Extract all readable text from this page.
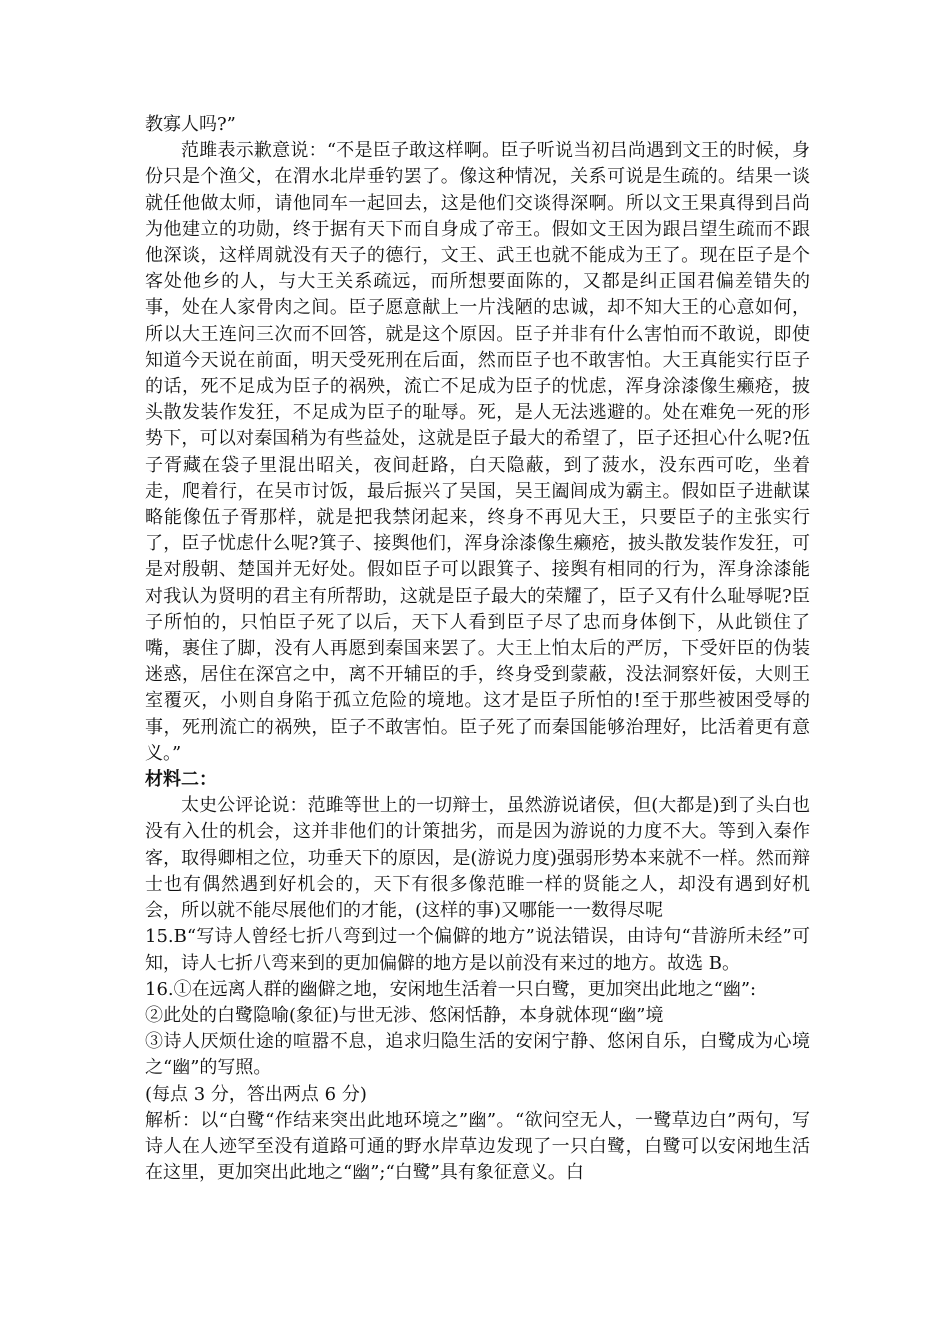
教寡人吗?”

范雎表示歉意说：“不是臣子敢这样啊。臣子听说当初吕尚遇到文王的时候，身份只是个渔父，在渭水北岸垂钓罢了。像这种情况，关系可说是生疏的。结果一谈就任他做太师，请他同车一起回去，这是他们交谈得深啊。所以文王果真得到吕尚为他建立的功勋，终于据有天下而自身成了帝王。假如文王因为跟吕望生疏而不跟他深谈，这样周就没有天子的德行，文王、武王也就不能成为王了。现在臣子是个客处他乡的人，与大王关系疏远，而所想要面陈的，又都是纠正国君偏差错失的事，处在人家骨肉之间。臣子愿意献上一片浅陋的忠诚，却不知大王的心意如何，所以大王连问三次而不回答，就是这个原因。臣子并非有什么害怕而不敢说，即使知道今天说在前面，明天受死刑在后面，然而臣子也不敢害怕。大王真能实行臣子的话，死不足成为臣子的祸殃，流亡不足成为臣子的忧虑，浑身涂漆像生癞疮，披头散发装作发狂，不足成为臣子的耻辱。死，是人无法逃避的。处在难免一死的形势下，可以对秦国稍为有些益处，这就是臣子最大的希望了，臣子还担心什么呢?伍子胥藏在袋子里混出昭关，夜间赶路，白天隐蔽，到了菠水，没东西可吃，坐着走，爬着行，在吴市讨饭，最后振兴了吴国，吴王阖闾成为霸主。假如臣子进献谋略能像伍子胥那样，就是把我禁闭起来，终身不再见大王，只要臣子的主张实行了，臣子忧虑什么呢?箕子、接舆他们，浑身涂漆像生癞疮，披头散发装作发狂，可是对殷朝、楚国并无好处。假如臣子可以跟箕子、接舆有相同的行为，浑身涂漆能对我认为贤明的君主有所帮助，这就是臣子最大的荣耀了，臣子又有什么耻辱呢?臣子所怕的，只怕臣子死了以后，天下人看到臣子尽了忠而身体倒下，从此锁住了嘴，裹住了脚，没有人再愿到秦国来罢了。大王上怕太后的严厉，下受奸臣的伪装迷惑，居住在深宫之中，离不开辅臣的手，终身受到蒙蔽，没法洞察奸佞，大则王室覆灭，小则自身陷于孤立危险的境地。这才是臣子所怕的!至于那些被困受辱的事，死刑流亡的祸殃，臣子不敢害怕。臣子死了而秦国能够治理好，比活着更有意义。”

材料二：

太史公评论说：范雎等世上的一切辩士，虽然游说诸侯，但(大都是)到了头白也没有入仕的机会，这并非他们的计策拙劣，而是因为游说的力度不大。等到入秦作客，取得卿相之位，功垂天下的原因，是(游说力度)强弱形势本来就不一样。然而辩士也有偶然遇到好机会的，天下有很多像范睢一样的贤能之人，却没有遇到好机会，所以就不能尽展他们的才能，(这样的事)又哪能一一数得尽呢

15.B“写诗人曾经七折八弯到过一个偏僻的地方”说法错误，由诗句“昔游所未经”可知，诗人七折八弯来到的更加偏僻的地方是以前没有来过的地方。故选 B。

16.①在远离人群的幽僻之地，安闲地生活着一只白鹭，更加突出此地之“幽”:

②此处的白鹭隐喻(象征)与世无涉、悠闲恬静，本身就体现“幽”境

③诗人厌烦仕途的喧嚣不息，追求归隐生活的安闲宁静、悠闲自乐，白鹭成为心境之“幽”的写照。

(每点 3 分，答出两点 6 分)

解析：以“白鹭“作结来突出此地环境之”幽”。“欲问空无人，一鹭草边白”两句，写诗人在人迹罕至没有道路可通的野水岸草边发现了一只白鹭，白鹭可以安闲地生活在这里，更加突出此地之“幽”;“白鹭”具有象征意义。白
